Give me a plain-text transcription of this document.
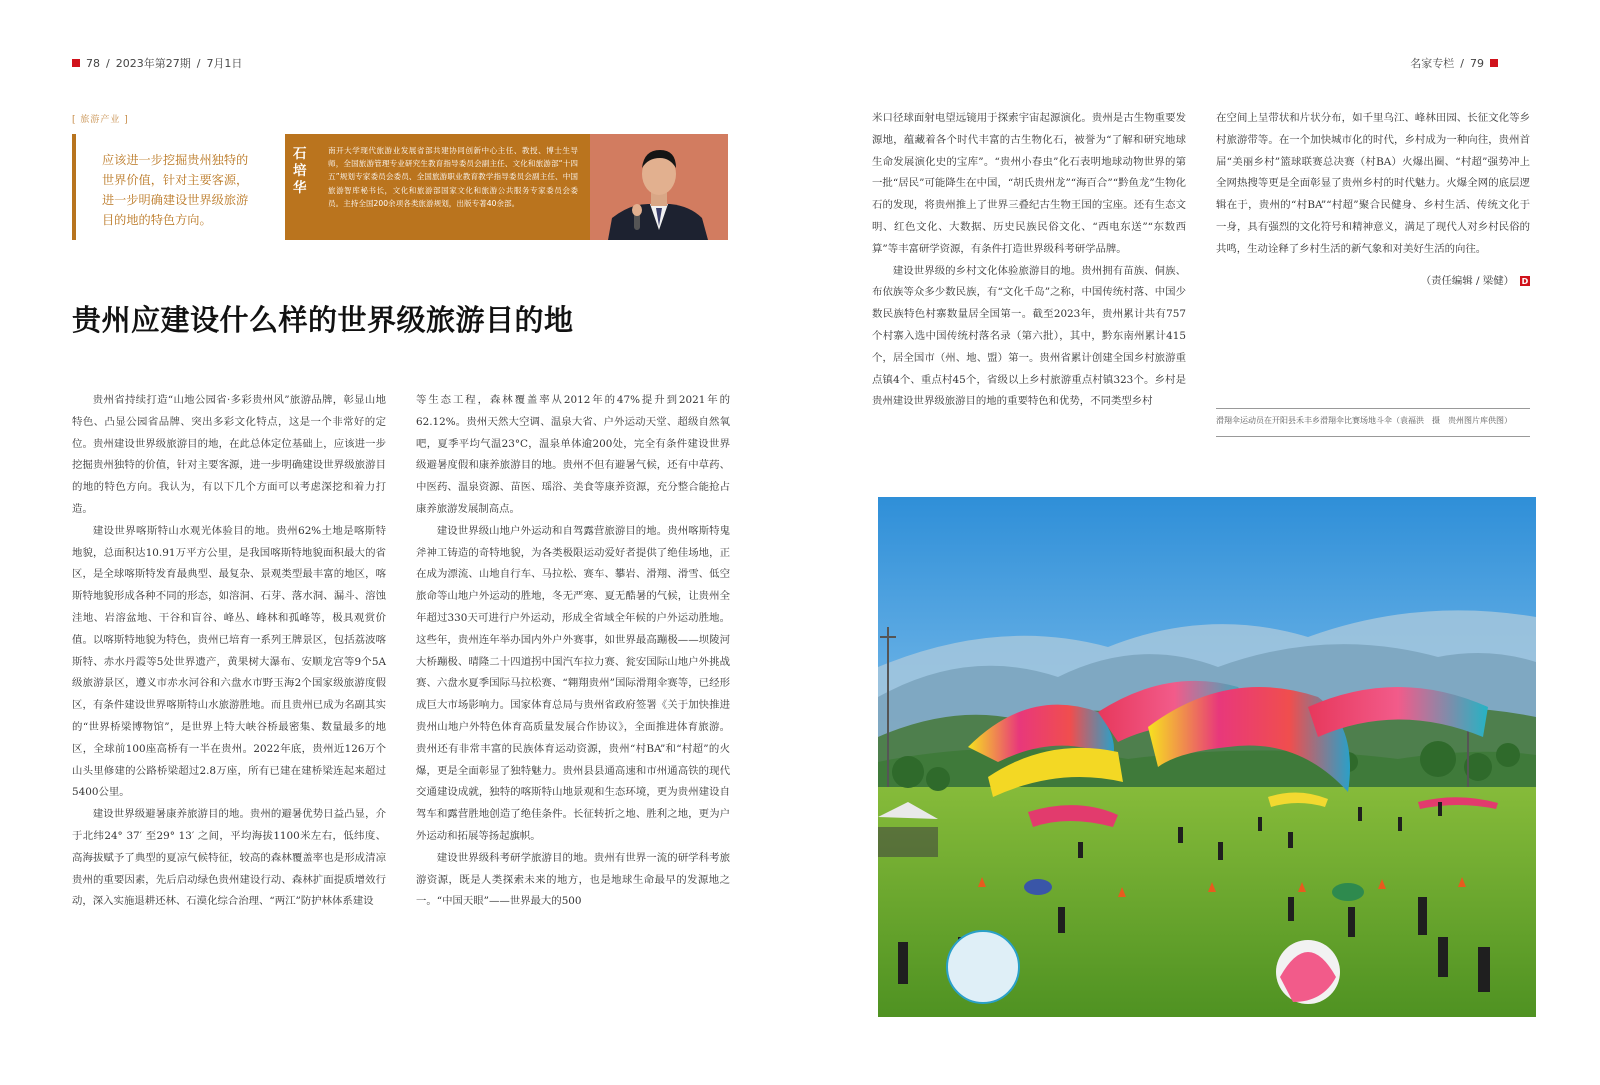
78 / 2023年第27期 / 7月1日
[ 旅游产业 ]

应该进一步挖掘贵州独特的世界价值，针对主要客源，进一步明确建设世界级旅游目的地的特色方向。

石培华
南开大学现代旅游业发展省部共建协同创新中心主任、教授、博士生导师，全国旅游管理专业研究生教育指导委员会副主任、文化和旅游部“十四五”规划专家委员会委员、全国旅游职业教育教学指导委员会副主任、中国旅游智库秘书长，文化和旅游部国家文化和旅游公共服务专家委员会委员。主持全国200余项各类旅游规划，出版专著40余部。
贵州应建设什么样的世界级旅游目的地

贵州省持续打造“山地公园省·多彩贵州风”旅游品牌，彰显山地特色、凸显公园省品牌、突出多彩文化特点，这是一个非常好的定位。贵州建设世界级旅游目的地，在此总体定位基础上，应该进一步挖掘贵州独特的价值，针对主要客源，进一步明确建设世界级旅游目的地的特色方向。我认为，有以下几个方面可以考虑深挖和着力打造。

建设世界喀斯特山水观光体验目的地。贵州62%土地是喀斯特地貌，总面积达10.91万平方公里，是我国喀斯特地貌面积最大的省区，是全球喀斯特发育最典型、最复杂、景观类型最丰富的地区，喀斯特地貌形成各种不同的形态，如溶洞、石芽、落水洞、漏斗、溶蚀洼地、岩溶盆地、干谷和盲谷、峰丛、峰林和孤峰等，极具观赏价值。以喀斯特地貌为特色，贵州已培育一系列王牌景区，包括荔波喀斯特、赤水丹霞等5处世界遗产，黄果树大瀑布、安顺龙宫等9个5A级旅游景区，遵义市赤水河谷和六盘水市野玉海2个国家级旅游度假区，有条件建设世界喀斯特山水旅游胜地。而且贵州已成为名副其实的“世界桥梁博物馆”，是世界上特大峡谷桥最密集、数量最多的地区，全球前100座高桥有一半在贵州。2022年底，贵州近126万个山头里修建的公路桥梁超过2.8万座，所有已建在建桥梁连起来超过5400公里。

建设世界级避暑康养旅游目的地。贵州的避暑优势日益凸显，介于北纬24° 37′ 至29° 13′ 之间，平均海拔1100米左右，低纬度、高海拔赋予了典型的夏凉气候特征，较高的森林覆盖率也是形成清凉贵州的重要因素，先后启动绿色贵州建设行动、森林扩面提质增效行动，深入实施退耕还林、石漠化综合治理、“两江”防护林体系建设

等生态工程，森林覆盖率从2012年的47%提升到2021年的62.12%。贵州天然大空调、温泉大省、户外运动天堂、超级自然氧吧，夏季平均气温23°C，温泉单体逾200处，完全有条件建设世界级避暑度假和康养旅游目的地。贵州不但有避暑气候，还有中草药、中医药、温泉资源、苗医、瑶浴、美食等康养资源，充分整合能抢占康养旅游发展制高点。

建设世界级山地户外运动和自驾露营旅游目的地。贵州喀斯特鬼斧神工铸造的奇特地貌，为各类极限运动爱好者提供了绝佳场地，正在成为漂流、山地自行车、马拉松、赛车、攀岩、滑翔、滑雪、低空旅命等山地户外运动的胜地，冬无严寒、夏无酷暑的气候，让贵州全年超过330天可进行户外运动，形成全省域全年候的户外运动胜地。这些年，贵州连年举办国内外户外赛事，如世界最高蹦极——坝陵河大桥蹦极、晴隆二十四道拐中国汽车拉力赛、瓮安国际山地户外挑战赛、六盘水夏季国际马拉松赛、“翱翔贵州”国际滑翔伞赛等，已经形成巨大市场影响力。国家体育总局与贵州省政府签署《关于加快推进贵州山地户外特色体育高质量发展合作协议》，全面推进体育旅游。贵州还有非常丰富的民族体育运动资源，贵州“村BA”和“村超”的火爆，更是全面彰显了独特魅力。贵州县县通高速和市州通高铁的现代交通建设成就，独特的喀斯特山地景观和生态环境，更为贵州建设自驾车和露营胜地创造了绝佳条件。长征转折之地、胜利之地，更为户外运动和拓展等扬起旗帜。

建设世界级科考研学旅游目的地。贵州有世界一流的研学科考旅游资源，既是人类探索未来的地方，也是地球生命最早的发源地之一。“中国天眼”——世界最大的500

名家专栏 / 79

米口径球面射电望远镜用于探索宇宙起源演化。贵州是古生物重要发源地，蕴藏着各个时代丰富的古生物化石，被誉为“了解和研究地球生命发展演化史的宝库”。“贵州小春虫”化石表明地球动物世界的第一批“居民”可能降生在中国，“胡氏贵州龙”“海百合”“黔鱼龙”生物化石的发现，将贵州推上了世界三叠纪古生物王国的宝座。还有生态文明、红色文化、大数据、历史民族民俗文化、“西电东送”“东数西算”等丰富研学资源，有条件打造世界级科考研学品牌。

建设世界级的乡村文化体验旅游目的地。贵州拥有苗族、侗族、布依族等众多少数民族，有“文化千岛”之称，中国传统村落、中国少数民族特色村寨数量居全国第一。截至2023年，贵州累计共有757个村寨入选中国传统村落名录（第六批），其中，黔东南州累计415个，居全国市（州、地、盟）第一。贵州省累计创建全国乡村旅游重点镇4个、重点村45个，省级以上乡村旅游重点村镇323个。乡村是贵州建设世界级旅游目的地的重要特色和优势，不同类型乡村

在空间上呈带状和片状分布，如千里乌江、峰林田园、长征文化等乡村旅游带等。在一个加快城市化的时代，乡村成为一种向往，贵州首届“美丽乡村”篮球联赛总决赛（村BA）火爆出圈、“村超”强势冲上全网热搜等更是全面彰显了贵州乡村的时代魅力。火爆全网的底层逻辑在于，贵州的“村BA”“村超”聚合民健身、乡村生活、传统文化于一身，具有强烈的文化符号和精神意义，满足了现代人对乡村民俗的共鸣，生动诠释了乡村生活的新气象和对美好生活的向往。

（责任编辑 / 梁健） D
滑翔伞运动员在开阳县禾丰乡滑翔伞比赛场地斗伞（袁福洪　摄　贵州图片库供图）
